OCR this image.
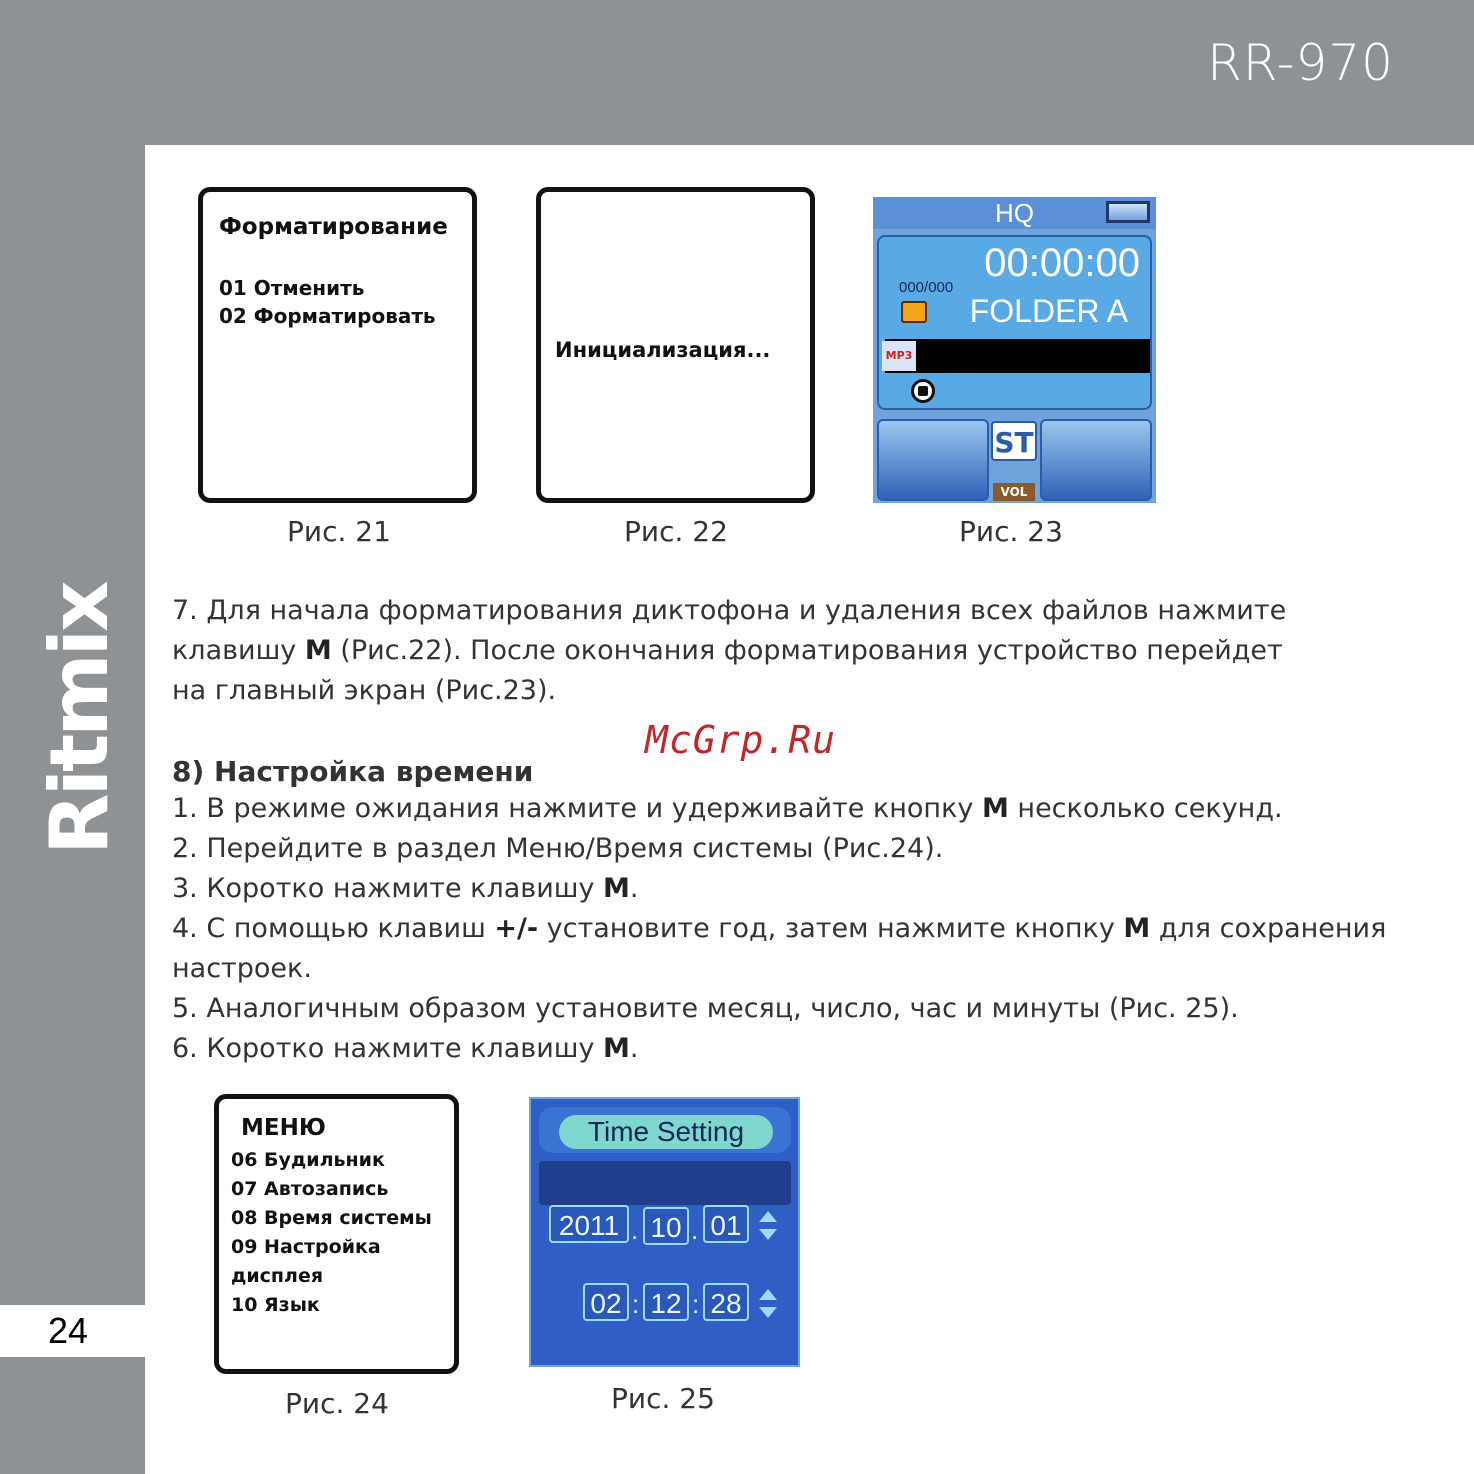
RR-970
Ritmix
24
Форматирование
01 Отменить
02 Форматировать
Рис. 21
Инициализация...
Рис. 22
HQ
00:00:00
000/000
FOLDER A
MP3
ST
VOL
Рис. 23
7. Для начала форматирования диктофона и удаления всех файлов нажмите
клавишу M (Рис.22). После окончания форматирования устройство перейдет
на главный экран (Рис.23).
McGrp.Ru
8) Настройка времени
1. В режиме ожидания нажмите и удерживайте кнопку M несколько секунд.
2. Перейдите в раздел Меню/Время системы (Рис.24).
3. Коротко нажмите клавишу M.
4. С помощью клавиш +/- установите год, затем нажмите кнопку M для сохранения
настроек.
5. Аналогичным образом установите месяц, число, час и минуты (Рис. 25).
6. Коротко нажмите клавишу M.
МЕНЮ
06 Будильник
07 Автозапись
08 Время системы
09 Настройка
дисплея
10 Язык
Рис. 24
Time Setting
2011 . 10 . 01
02 : 12 : 28
Рис. 25
